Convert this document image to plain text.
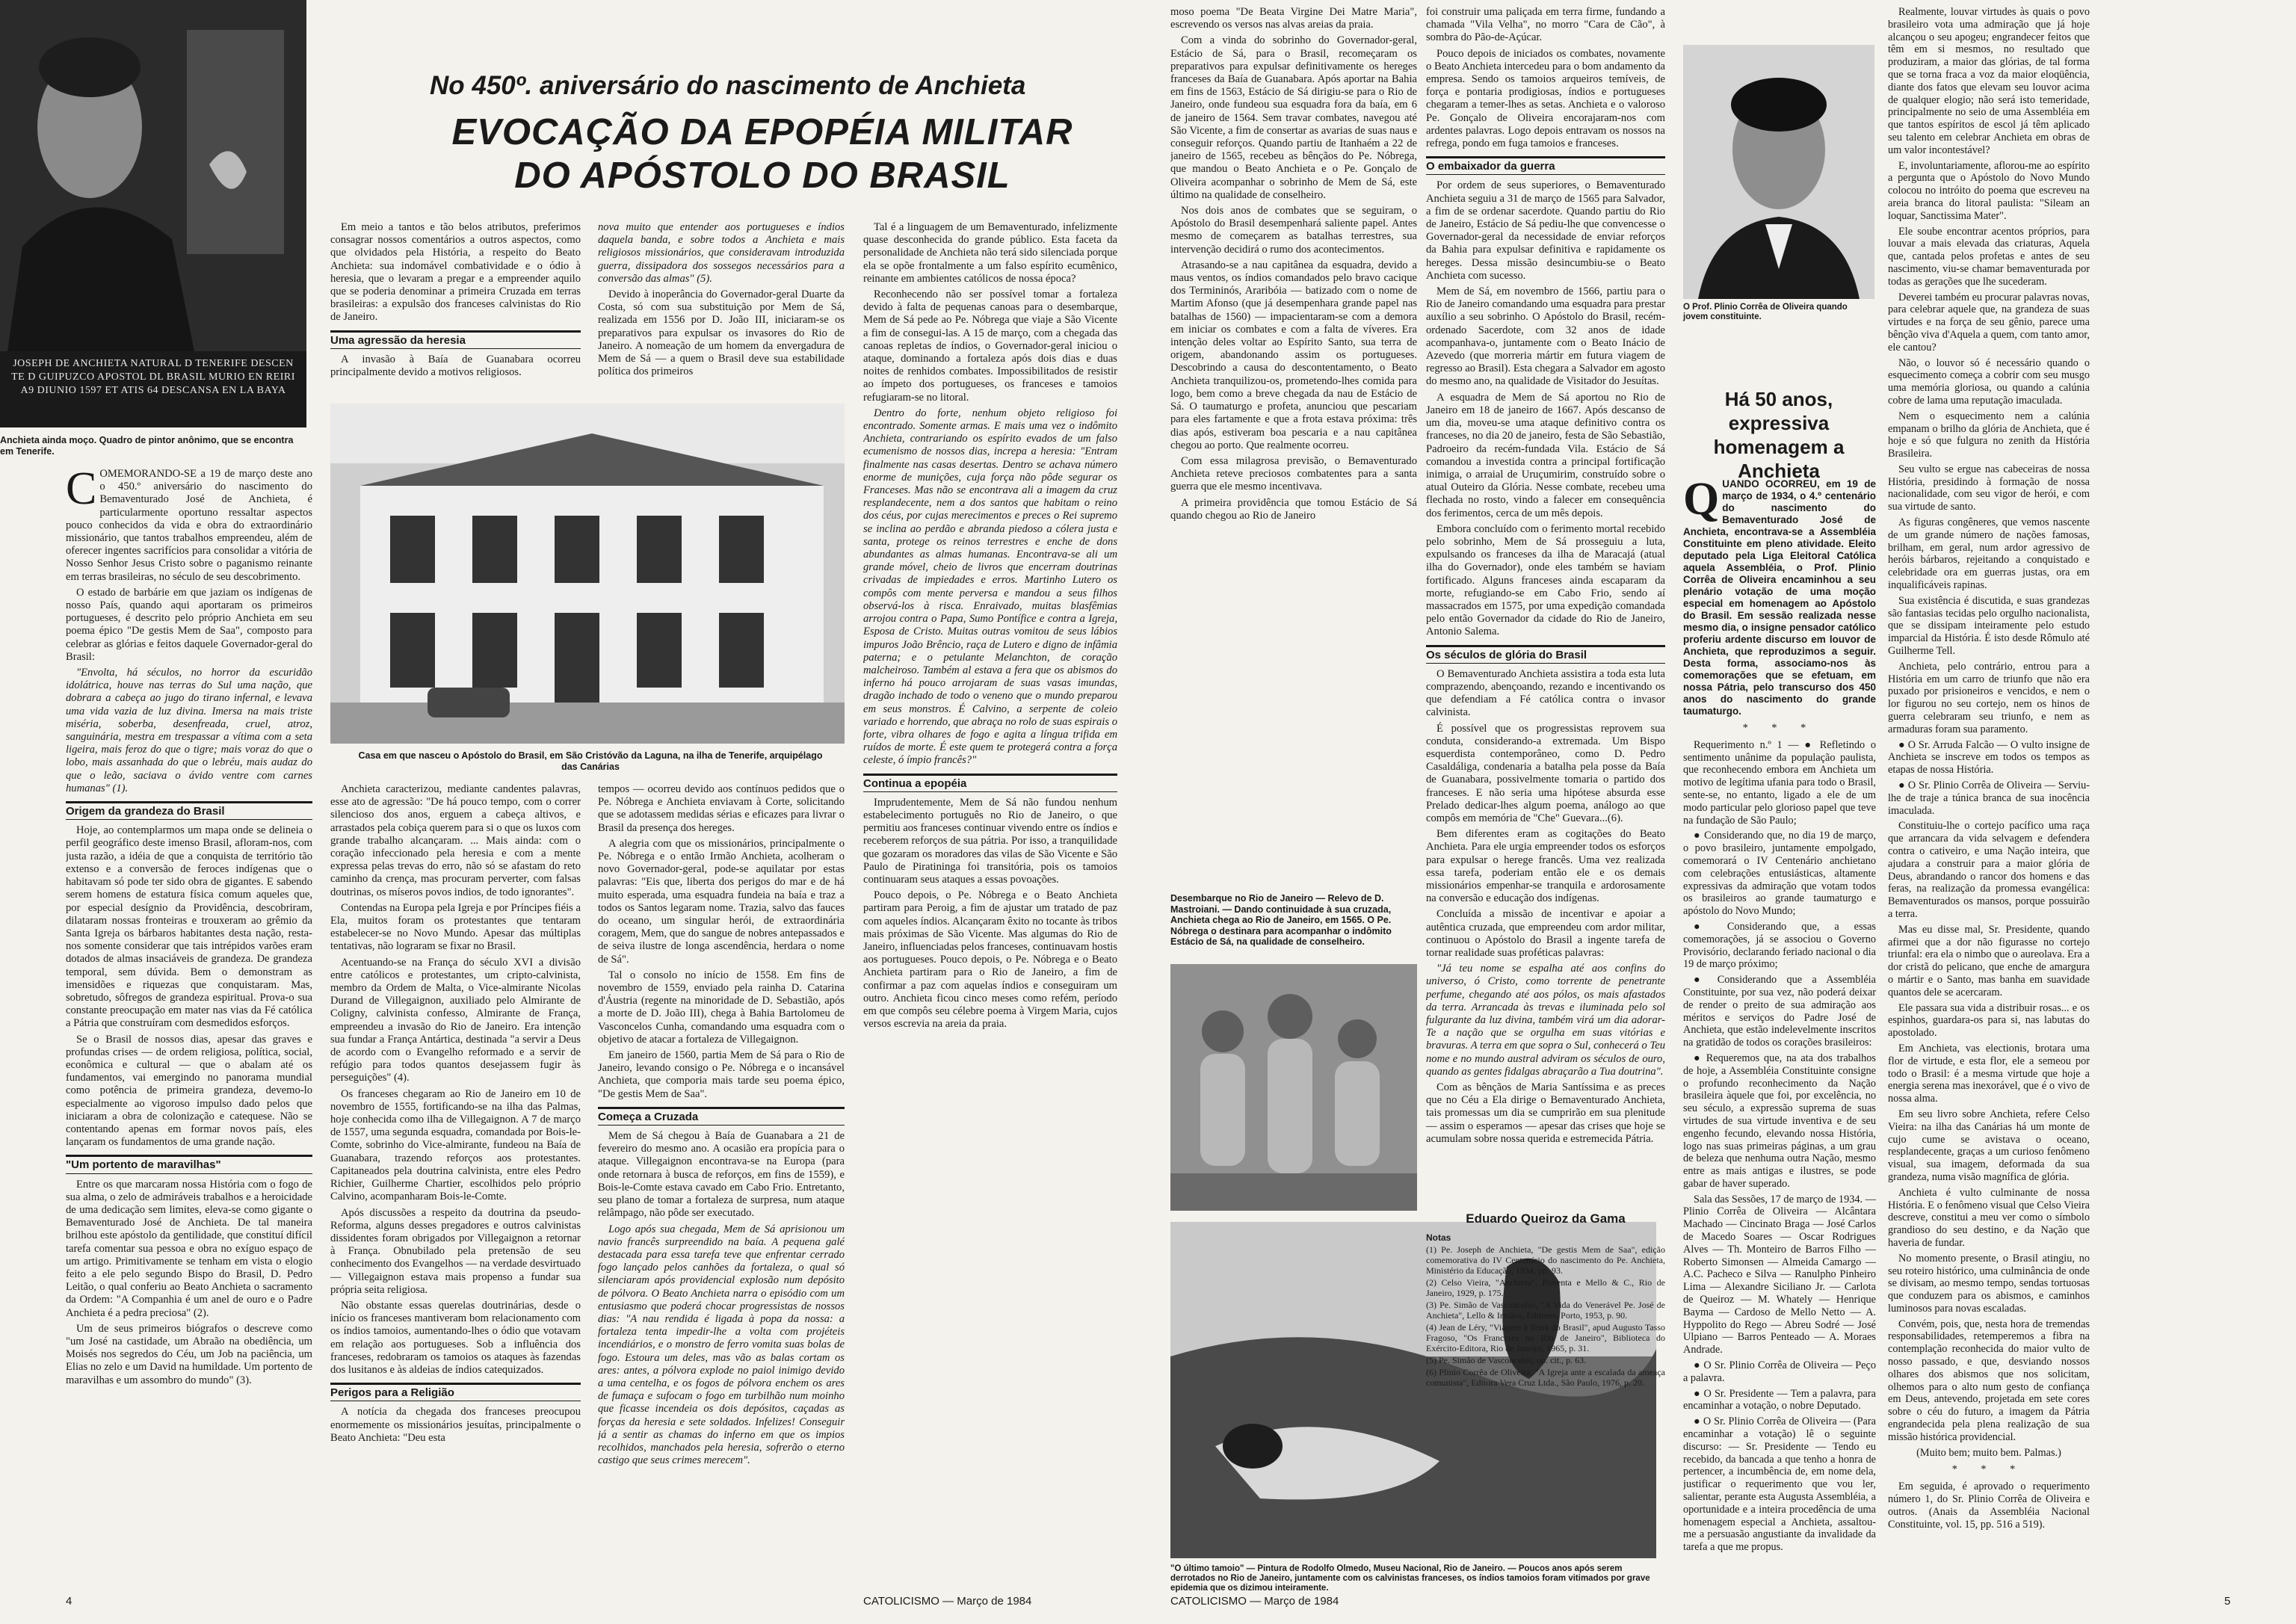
JOSEPH DE ANCHIETA NATURAL D TENERIFE DESCEN TE D GUIPUZCO APOSTOL DL BRASIL MURIO EN REIRI A9 DIUNIO 1597 ET ATIS 64 DESCANSA EN LA BAYA
Anchieta ainda moço. Quadro de pintor anônimo, que se encontra em Tenerife.
No 450º. aniversário do nascimento de Anchieta
EVOCAÇÃO DA EPOPÉIA MILITAR
DO APÓSTOLO DO BRASIL

COMEMORANDO-SE a 19 de março deste ano o 450.º aniversário do nascimento do Bemaventurado José de Anchieta, é particularmente oportuno ressaltar aspectos pouco conhecidos da vida e obra do extraordinário missionário, que tantos trabalhos empreendeu, além de oferecer ingentes sacrifícios para consolidar a vitória de Nosso Senhor Jesus Cristo sobre o paganismo reinante em terras brasileiras, no século de seu descobrimento.

O estado de barbárie em que jaziam os indígenas de nosso País, quando aqui aportaram os primeiros portugueses, é descrito pelo próprio Anchieta em seu poema épico "De gestis Mem de Saa", composto para celebrar as glórias e feitos daquele Governador-geral do Brasil:

"Envolta, há séculos, no horror da escuridão idolátrica, houve nas terras do Sul uma nação, que dobrara a cabeça ao jugo do tirano infernal, e levava uma vida vazia de luz divina. Imersa na mais triste miséria, soberba, desenfreada, cruel, atroz, sanguinária, mestra em trespassar a vítima com a seta ligeira, mais feroz do que o tigre; mais voraz do que o lobo, mais assanhada do que o lebréu, mais audaz do que o leão, saciava o ávido ventre com carnes humanas" (1).

Origem da grandeza do Brasil

Hoje, ao contemplarmos um mapa onde se delineia o perfil geográfico deste imenso Brasil, afloram-nos, com justa razão, a idéia de que a conquista de território tão extenso e a conversão de feroces indígenas que o habitavam só pode ter sido obra de gigantes. E sabendo serem homens de estatura física comum aqueles que, por especial desígnio da Providência, descobriram, dilataram nossas fronteiras e trouxeram ao grêmio da Santa Igreja os bárbaros habitantes desta nação, resta-nos somente considerar que tais intrépidos varões eram dotados de almas insaciáveis de grandeza. De grandeza temporal, sem dúvida. Bem o demonstram as imensidões e riquezas que conquistaram. Mas, sobretudo, sôfregos de grandeza espiritual. Prova-o sua constante preocupação em mater nas vias da Fé católica a Pátria que construíram com desmedidos esforços.

Se o Brasil de nossos dias, apesar das graves e profundas crises — de ordem religiosa, política, social, econômica e cultural — que o abalam até os fundamentos, vai emergindo no panorama mundial como potência de primeira grandeza, devemo-lo especialmente ao vigoroso impulso dado pelos que iniciaram a obra de colonização e catequese. Não se contentando apenas em formar novos país, eles lançaram os fundamentos de uma grande nação.

"Um portento de maravilhas"

Entre os que marcaram nossa História com o fogo de sua alma, o zelo de admiráveis trabalhos e a heroicidade de uma dedicação sem limites, eleva-se como gigante o Bemaventurado José de Anchieta. De tal maneira brilhou este apóstolo da gentilidade, que constituí difícil tarefa comentar sua pessoa e obra no exíguo espaço de um artigo. Primitivamente se tenham em vista o elogio feito a ele pelo segundo Bispo do Brasil, D. Pedro Leitão, o qual conferiu ao Beato Anchieta o sacramento da Ordem: "A Companhia é um anel de ouro e o Padre Anchieta é a pedra preciosa" (2).

Um de seus primeiros biógrafos o descreve como "um José na castidade, um Abraão na obediência, um Moisés nos segredos do Céu, um Job na paciência, um Elias no zelo e um David na humildade. Um portento de maravilhas e um assombro do mundo" (3).

Em meio a tantos e tão belos atributos, preferimos consagrar nossos comentários a outros aspectos, como que olvidados pela História, a respeito do Beato Anchieta: sua indomável combatividade e o ódio à heresia, que o levaram a pregar e a empreender aquilo que se poderia denominar a primeira Cruzada em terras brasileiras: a expulsão dos franceses calvinistas do Rio de Janeiro.

Uma agressão da heresia

A invasão à Baía de Guanabara ocorreu principalmente devido a motivos religiosos.

nova muito que entender aos portugueses e índios daquela banda, e sobre todos a Anchieta e mais religiosos missionários, que consideravam introduzida guerra, dissipadora dos sossegos necessários para a conversão das almas" (5).

Devido à inoperância do Governador-geral Duarte da Costa, só com sua substituição por Mem de Sá, realizada em 1556 por D. João III, iniciaram-se os preparativos para expulsar os invasores do Rio de Janeiro. A nomeação de um homem da envergadura de Mem de Sá — a quem o Brasil deve sua estabilidade política dos primeiros

Casa em que nasceu o Apóstolo do Brasil, em São Cristóvão da Laguna, na ilha de Tenerife, arquipélago das Canárias

Anchieta caracterizou, mediante candentes palavras, esse ato de agressão: "De há pouco tempo, com o correr silencioso dos anos, erguem a cabeça altivos, e arrastados pela cobiça querem para si o que os luxos com grande trabalho alcançaram. ... Mais ainda: com o coração infeccionado pela heresia e com a mente expressa pelas trevas do erro, não só se afastam do reto caminho da crença, mas procuram perverter, com falsas doutrinas, os míseros povos indios, de todo ignorantes".

Contendas na Europa pela Igreja e por Príncipes fiéis a Ela, muitos foram os protestantes que tentaram estabelecer-se no Novo Mundo. Apesar das múltiplas tentativas, não lograram se fixar no Brasil.

Acentuando-se na França do século XVI a divisão entre católicos e protestantes, um cripto-calvinista, membro da Ordem de Malta, o Vice-almirante Nicolas Durand de Villegaignon, auxiliado pelo Almirante de Coligny, calvinista confesso, Almirante de França, empreendeu a invasão do Rio de Janeiro. Era intenção sua fundar a França Antártica, destinada "a servir a Deus de acordo com o Evangelho reformado e a servir de refúgio para todos quantos desejassem fugir às perseguições" (4).

Os franceses chegaram ao Rio de Janeiro em 10 de novembro de 1555, fortificando-se na ilha das Palmas, hoje conhecida como ilha de Villegaignon. A 7 de março de 1557, uma segunda esquadra, comandada por Bois-le-Comte, sobrinho do Vice-almirante, fundeou na Baía de Guanabara, trazendo reforços aos protestantes. Capitaneados pela doutrina calvinista, entre eles Pedro Richier, Guilherme Chartier, escolhidos pelo próprio Calvino, acompanharam Bois-le-Comte.

Após discussões a respeito da doutrina da pseudo-Reforma, alguns desses pregadores e outros calvinistas dissidentes foram obrigados por Villegaignon a retornar à França. Obnubilado pela pretensão de seu conhecimento dos Evangelhos — na verdade desvirtuado — Villegaignon estava mais propenso a fundar sua própria seita religiosa.

Não obstante essas querelas doutrinárias, desde o início os franceses mantiveram bom relacionamento com os índios tamoios, aumentando-lhes o ódio que votavam em relação aos portugueses. Sob a influência dos franceses, redobraram os tamoios os ataques às fazendas dos lusitanos e às aldeias de índios catequizados.

Perigos para a Religião

A notícia da chegada dos franceses preocupou enormemente os missionários jesuítas, principalmente o Beato Anchieta: "Deu esta

tempos — ocorreu devido aos contínuos pedidos que o Pe. Nóbrega e Anchieta enviavam à Corte, solicitando que se adotassem medidas sérias e eficazes para livrar o Brasil da presença dos hereges.

A alegria com que os missionários, principalmente o Pe. Nóbrega e o então Irmão Anchieta, acolheram o novo Governador-geral, pode-se aquilatar por estas palavras: "Eis que, liberta dos perigos do mar e de há muito esperada, uma esquadra fundeia na baía e traz a todos os Santos legaram nome. Trazia, salvo das fauces do oceano, um singular herói, de extraordinária coragem, Mem, que do sangue de nobres antepassados e de seiva ilustre de longa ascendência, herdara o nome de Sá".

Tal o consolo no início de 1558. Em fins de novembro de 1559, enviado pela rainha D. Catarina d'Áustria (regente na minoridade de D. Sebastião, após a morte de D. João III), chega à Bahia Bartolomeu de Vasconcelos Cunha, comandando uma esquadra com o objetivo de atacar a fortaleza de Villegaignon.

Em janeiro de 1560, partia Mem de Sá para o Rio de Janeiro, levando consigo o Pe. Nóbrega e o incansável Anchieta, que comporia mais tarde seu poema épico, "De gestis Mem de Saa".

Começa a Cruzada

Mem de Sá chegou à Baía de Guanabara a 21 de fevereiro do mesmo ano. A ocasião era propícia para o ataque. Villegaignon encontrava-se na Europa (para onde retornara à busca de reforços, em fins de 1559), e Bois-le-Comte estava cavado em Cabo Frio. Entretanto, seu plano de tomar a fortaleza de surpresa, num ataque relâmpago, não pôde ser executado.

Logo após sua chegada, Mem de Sá aprisionou um navio francês surpreendido na baía. A pequena galé destacada para essa tarefa teve que enfrentar cerrado fogo lançado pelos canhões da fortaleza, o qual só silenciaram após providencial explosão num depósito de pólvora. O Beato Anchieta narra o episódio com um entusiasmo que poderá chocar progressistas de nossos dias: "A nau rendida é ligada à popa da nossa: a fortaleza tenta impedir-lhe a volta com projéteis incendiários, e o monstro de ferro vomita suas bolas de fogo. Estoura um deles, mas vão as balas cortam os ares: antes, a pólvora explode no paiol inimigo devido a uma centelha, e os fogos de pólvora enchem os ares de fumaça e sufocam o fogo em turbilhão num moinho que ficasse incendeia os dois depósitos, caçadas as forças da heresia e sete soldados. Infelizes! Conseguir já a sentir as chamas do inferno em que os impios recolhidos, manchados pela heresia, sofrerão o eterno castigo que seus crimes merecem".

Tal é a linguagem de um Bemaventurado, infelizmente quase desconhecida do grande público. Esta faceta da personalidade de Anchieta não terá sido silenciada porque ela se opõe frontalmente a um falso espírito ecumênico, reinante em ambientes católicos de nossa época?

Reconhecendo não ser possível tomar a fortaleza devido à falta de pequenas canoas para o desembarque, Mem de Sá pede ao Pe. Nóbrega que viaje a São Vicente a fim de consegui-las. A 15 de março, com a chegada das canoas repletas de índios, o Governador-geral iniciou o ataque, dominando a fortaleza após dois dias e duas noites de renhidos combates. Impossibilitados de resistir ao ímpeto dos portugueses, os franceses e tamoios refugiaram-se no litoral.

Dentro do forte, nenhum objeto religioso foi encontrado. Somente armas. E mais uma vez o indômito Anchieta, contrariando os espírito evados de um falso ecumenismo de nossos dias, increpa a heresia: "Entram finalmente nas casas desertas. Dentro se achava número enorme de munições, cuja força não pôde segurar os Franceses. Mas não se encontrava ali a imagem da cruz resplandecente, nem a dos santos que habitam o reino dos céus, por cujas merecimentos e preces o Rei supremo se inclina ao perdão e abranda piedoso a cólera justa e santa, protege os reinos terrestres e enche de dons abundantes as almas humanas. Encontrava-se ali um grande móvel, cheio de livros que encerram doutrinas crivadas de impiedades e erros. Martinho Lutero os compôs com mente perversa e mandou a seus filhos observá-los à risca. Enraivado, muitas blasfêmias arrojou contra o Papa, Sumo Pontífice e contra a Igreja, Esposa de Cristo. Muitas outras vomitou de seus lábios impuros João Brêncio, raça de Lutero e digno de infâmia paterna; e o petulante Melanchton, de coração malcheiroso. Também al estava a fera que os abismos do inferno há pouco arrojaram de suas vasas imundas, dragão inchado de todo o veneno que o mundo preparou em seus monstros. É Calvino, a serpente de coleio variado e horrendo, que abraça no rolo de suas espirais o forte, vibra olhares de fogo e agita a língua trifida em ruídos de morte. É este quem te protegerá contra a força celeste, ó ímpio francês?"

Continua a epopéia

Imprudentemente, Mem de Sá não fundou nenhum estabelecimento português no Rio de Janeiro, o que permitiu aos franceses continuar vivendo entre os índios e receberem reforços de sua pátria. Por isso, a tranquilidade que gozaram os moradores das vilas de São Vicente e São Paulo de Piratininga foi transitória, pois os tamoios continuaram seus ataques a essas povoações.

Pouco depois, o Pe. Nóbrega e o Beato Anchieta partiram para Peroig, a fim de ajustar um tratado de paz com aqueles índios. Alcançaram êxito no tocante às tribos mais próximas de São Vicente. Mas algumas do Rio de Janeiro, influenciadas pelos franceses, continuavam hostis aos portugueses. Pouco depois, o Pe. Nóbrega e o Beato Anchieta partiram para o Rio de Janeiro, a fim de confirmar a paz com aquelas índios e conseguiram um outro. Anchieta ficou cinco meses como refém, período em que compôs seu célebre poema à Virgem Maria, cujos versos escrevia na areia da praia.

4	CATOLICISMO — Março de 1984

moso poema "De Beata Virgine Dei Matre Maria", escrevendo os versos nas alvas areias da praia.

Com a vinda do sobrinho do Governador-geral, Estácio de Sá, para o Brasil, recomeçaram os preparativos para expulsar definitivamente os hereges franceses da Baía de Guanabara. Após aportar na Bahia em fins de 1563, Estácio de Sá dirigiu-se para o Rio de Janeiro, onde fundeou sua esquadra fora da baía, em 6 de janeiro de 1564. Sem travar combates, navegou até São Vicente, a fim de consertar as avarias de suas naus e conseguir reforços. Quando partiu de Itanhaém a 22 de janeiro de 1565, recebeu as bênçãos do Pe. Nóbrega, que mandou o Beato Anchieta e o Pe. Gonçalo de Oliveira acompanhar o sobrinho de Mem de Sá, este último na qualidade de conselheiro.

Nos dois anos de combates que se seguiram, o Apóstolo do Brasil desempenhará saliente papel. Antes mesmo de começarem as batalhas terrestres, sua intervenção decidirá o rumo dos acontecimentos.

Atrasando-se a nau capitânea da esquadra, devido a maus ventos, os índios comandados pelo bravo cacique dos Termininós, Araribóia — batizado com o nome de Martim Afonso (que já desempenhara grande papel nas batalhas de 1560) — impacientaram-se com a demora em iniciar os combates e com a falta de víveres. Era intenção deles voltar ao Espírito Santo, sua terra de origem, abandonando assim os portugueses. Descobrindo a causa do descontentamento, o Beato Anchieta tranquilizou-os, prometendo-lhes comida para logo, bem como a breve chegada da nau de Estácio de Sá. O taumaturgo e profeta, anunciou que pescariam para eles fartamente e que a frota estava próxima: três dias após, estiveram boa pescaria e a nau capitânea chegou ao porto. Que realmente ocorreu.

Com essa milagrosa previsão, o Bemaventurado Anchieta reteve preciosos combatentes para a santa guerra que ele mesmo incentivava.

A primeira providência que tomou Estácio de Sá quando chegou ao Rio de Janeiro

Desembarque no Rio de Janeiro — Relevo de D. Mastroiani. — Dando continuidade à sua cruzada, Anchieta chega ao Rio de Janeiro, em 1565. O Pe. Nóbrega o destinara para acompanhar o indômito Estácio de Sá, na qualidade de conselheiro.
"O último tamoio" — Pintura de Rodolfo Olmedo, Museu Nacional, Rio de Janeiro. — Poucos anos após serem derrotados no Rio de Janeiro, juntamente com os calvinistas franceses, os índios tamoios foram vitimados por grave epidemia que os dizimou inteiramente.

foi construir uma paliçada em terra firme, fundando a chamada "Vila Velha", no morro "Cara de Cão", à sombra do Pão-de-Açúcar.

Pouco depois de iniciados os combates, novamente o Beato Anchieta intercedeu para o bom andamento da empresa. Sendo os tamoios arqueiros temíveis, de força e pontaria prodigiosas, índios e portugueses chegaram a temer-lhes as setas. Anchieta e o valoroso Pe. Gonçalo de Oliveira encorajaram-nos com ardentes palavras. Logo depois entravam os nossos na refrega, pondo em fuga tamoios e franceses.

O embaixador da guerra

Por ordem de seus superiores, o Bemaventurado Anchieta seguiu a 31 de março de 1565 para Salvador, a fim de se ordenar sacerdote. Quando partiu do Rio de Janeiro, Estácio de Sá pediu-lhe que convencesse o Governador-geral da necessidade de enviar reforços da Bahia para expulsar definitiva e rapidamente os hereges. Dessa missão desincumbiu-se o Beato Anchieta com sucesso.

Mem de Sá, em novembro de 1566, partiu para o Rio de Janeiro comandando uma esquadra para prestar auxílio a seu sobrinho. O Apóstolo do Brasil, recém-ordenado Sacerdote, com 32 anos de idade acompanhava-o, juntamente com o Beato Inácio de Azevedo (que morreria mártir em futura viagem de regresso ao Brasil). Esta chegara a Salvador em agosto do mesmo ano, na qualidade de Visitador do Jesuítas.

A esquadra de Mem de Sá aportou no Rio de Janeiro em 18 de janeiro de 1667. Após descanso de um dia, moveu-se uma ataque definitivo contra os franceses, no dia 20 de janeiro, festa de São Sebastião, Padroeiro da recém-fundada Vila. Estácio de Sá comandou a investida contra a principal fortificação inimiga, o arraial de Uruçumirim, construído sobre o atual Outeiro da Glória. Nesse combate, recebeu uma flechada no rosto, vindo a falecer em consequência dos ferimentos, cerca de um mês depois.

Embora concluído com o ferimento mortal recebido pelo sobrinho, Mem de Sá prosseguiu a luta, expulsando os franceses da ilha de Maracajá (atual ilha do Governador), onde eles também se haviam fortificado. Alguns franceses ainda escaparam da morte, refugiando-se em Cabo Frio, sendo aí massacrados em 1575, por uma expedição comandada pelo então Governador da cidade do Rio de Janeiro, Antonio Salema.

Os séculos de glória do Brasil

O Bemaventurado Anchieta assistira a toda esta luta comprazendo, abençoando, rezando e incentivando os que defendiam a Fé católica contra o invasor calvinista.

É possível que os progressistas reprovem sua conduta, considerando-a extremada. Um Bispo esquerdista contemporâneo, como D. Pedro Casaldáliga, condenaria a batalha pela posse da Baía de Guanabara, possivelmente tomaria o partido dos franceses. E não seria uma hipótese absurda esse Prelado dedicar-lhes algum poema, análogo ao que compôs em memória de "Che" Guevara...(6).

Bem diferentes eram as cogitações do Beato Anchieta. Para ele urgia empreender todos os esforços para expulsar o herege francês. Uma vez realizada essa tarefa, poderiam então ele e os demais missionários empenhar-se tranquila e ardorosamente na conversão e educação dos indígenas.

Concluída a missão de incentivar e apoiar a autêntica cruzada, que empreendeu com ardor militar, continuou o Apóstolo do Brasil a ingente tarefa de tornar realidade suas proféticas palavras:

"Já teu nome se espalha até aos confins do universo, ó Cristo, como torrente de penetrante perfume, chegando até aos pólos, os mais afastados da terra. Arrancada às trevas e iluminada pelo sol fulgurante da luz divina, também virá um dia adorar-Te a nação que se orgulha em suas vitórias e bravuras. A terra em que sopra o Sul, conhecerá o Teu nome e no mundo austral adviram os séculos de ouro, quando as gentes fidalgas abraçarão a Tua doutrina".

Com as bênçãos de Maria Santíssima e as preces que no Céu a Ela dirige o Bemaventurado Anchieta, tais promessas um dia se cumprirão em sua plenitude — assim o esperamos — apesar das crises que hoje se acumulam sobre nossa querida e estremecida Pátria.

O Prof. Plinio Corrêa de Oliveira quando jovem constituinte.
Há 50 anos, expressiva homenagem a Anchieta

QUANDO OCORREU, em 19 de março de 1934, o 4.º centenário do nascimento do Bemaventurado José de Anchieta, encontrava-se a Assembléia Constituinte em pleno atividade. Eleito deputado pela Liga Eleitoral Católica aquela Assembléia, o Prof. Plinio Corrêa de Oliveira encaminhou a seu plenário votação de uma moção especial em homenagem ao Apóstolo do Brasil. Em sessão realizada nesse mesmo dia, o insigne pensador católico proferiu ardente discurso em louvor de Anchieta, que reproduzimos a seguir. Desta forma, associamo-nos às comemorações que se efetuam, em nossa Pátria, pelo transcurso dos 450 anos do nascimento do grande taumaturgo.

* * *

Requerimento n.º 1 — ● Refletindo o sentimento unânime da população paulista, que reconhecendo embora em Anchieta um motivo de legítima ufania para todo o Brasil, sente-se, no entanto, ligado a ele de um modo particular pelo glorioso papel que teve na fundação de São Paulo;

● Considerando que, no dia 19 de março, o povo brasileiro, juntamente empolgado, comemorará o IV Centenário anchietano com celebrações entusiásticas, altamente expressivas da admiração que votam todos os brasileiros ao grande taumaturgo e apóstolo do Novo Mundo;

● Considerando que, a essas comemorações, já se associou o Governo Provisório, declarando feriado nacional o dia 19 de março próximo;

● Considerando que a Assembléia Constituinte, por sua vez, não poderá deixar de render o preito de sua admiração aos méritos e serviços do Padre José de Anchieta, que estão indelevelmente inscritos na gratidão de todos os corações brasileiros:

● Requeremos que, na ata dos trabalhos de hoje, a Assembléia Constituinte consigne o profundo reconhecimento da Nação brasileira àquele que foi, por excelência, no seu século, a expressão suprema de suas virtudes de sua virtude inventiva e de seu engenho fecundo, elevando nossa História, logo nas suas primeiras páginas, a um grau de beleza que nenhuma outra Nação, mesmo entre as mais antigas e ilustres, se pode gabar de haver superado.

Sala das Sessões, 17 de março de 1934. — Plinio Corrêa de Oliveira — Alcântara Machado — Cincinato Braga — José Carlos de Macedo Soares — Oscar Rodrigues Alves — Th. Monteiro de Barros Filho — Roberto Simonsen — Almeida Camargo — A.C. Pacheco e Silva — Ranulpho Pinheiro Lima — Alexandre Siciliano Jr. — Carlota de Queiroz — M. Whately — Henrique Bayma — Cardoso de Mello Netto — A. Hyppolito do Rego — Abreu Sodré — José Ulpiano — Barros Penteado — A. Moraes Andrade.

● O Sr. Plinio Corrêa de Oliveira — Peço a palavra.

● O Sr. Presidente — Tem a palavra, para encaminhar a votação, o nobre Deputado.

● O Sr. Plinio Corrêa de Oliveira — (Para encaminhar a votação) lê o seguinte discurso: — Sr. Presidente — Tendo eu recebido, da bancada a que tenho a honra de pertencer, a incumbência de, em nome dela, justificar o requerimento que vou ler, salientar, perante esta Augusta Assembléia, a oportunidade e a inteira procedência de uma homenagem especial a Anchieta, assaltou-me a persuasão angustiante da invalidade da tarefa a que me propus.

Realmente, louvar virtudes às quais o povo brasileiro vota uma admiração que já hoje alcançou o seu apogeu; engrandecer feitos que têm em si mesmos, no resultado que produziram, a maior das glórias, de tal forma que se torna fraca a voz da maior eloqüência, diante dos fatos que elevam seu louvor acima de qualquer elogio; não será isto temeridade, principalmente no seio de uma Assembléia em que tantos espíritos de escol já têm aplicado seu talento em celebrar Anchieta em obras de um valor incontestável?

E, involuntariamente, aflorou-me ao espírito a pergunta que o Apóstolo do Novo Mundo colocou no intróito do poema que escreveu na areia branca do litoral paulista: "Sileam an loquar, Sanctissima Mater".

Ele soube encontrar acentos próprios, para louvar a mais elevada das criaturas, Aquela que, cantada pelos profetas e antes de seu nascimento, viu-se chamar bemaventurada por todas as gerações que lhe sucederam.

Deverei também eu procurar palavras novas, para celebrar aquele que, na grandeza de suas virtudes e na força de seu gênio, parece uma bênção viva d'Aquela a quem, com tanto amor, ele cantou?

Não, o louvor só é necessário quando o esquecimento começa a cobrir com seu musgo uma memória gloriosa, ou quando a calúnia cobre de lama uma reputação imaculada.

Nem o esquecimento nem a calúnia empanam o brilho da glória de Anchieta, que é hoje e só que fulgura no zenith da História Brasileira.

Seu vulto se ergue nas cabeceiras de nossa História, presidindo à formação de nossa nacionalidade, com seu vigor de herói, e com sua virtude de santo.

As figuras congêneres, que vemos nascente de um grande número de nações famosas, brilham, em geral, num ardor agressivo de heróis bárbaros, rejeitando a conquistado e celebridade ora em guerras justas, ora em inqualificáveis rapinas.

Sua existência é discutida, e suas grandezas são fantasias tecidas pelo orgulho nacionalista, que se dissipam inteiramente pelo estudo imparcial da História. É isto desde Rômulo até Guilherme Tell.

Anchieta, pelo contrário, entrou para a História em um carro de triunfo que não era puxado por prisioneiros e vencidos, e nem o lor figurou no seu cortejo, nem os hinos de guerra celebraram seu triunfo, e nem as armaduras foram sua paramento.

● O Sr. Arruda Falcão — O vulto insigne de Anchieta se inscreve em todos os tempos as etapas de nossa História.

● O Sr. Plinio Corrêa de Oliveira — Serviu-lhe de traje a túnica branca de sua inocência imaculada.

Constituiu-lhe o cortejo pacífico uma raça que arrancara da vida selvagem e defendera contra o cativeiro, e uma Nação inteira, que ajudara a construir para a maior glória de Deus, abrandando o rancor dos homens e das feras, na realização da promessa evangélica: Bemaventurados os mansos, porque possuirão a terra.

Mas eu disse mal, Sr. Presidente, quando afirmei que a dor não figurasse no cortejo triunfal: era ela o nimbo que o aureolava. Era a dor cristã do pelicano, que enche de amargura o mártir e o Santo, mas banha em suavidade quantos dele se acercaram.

Ele passara sua vida a distribuir rosas... e os espinhos, guardara-os para si, nas labutas do apostolado.

Em Anchieta, vas electionis, brotara uma flor de virtude, e esta flor, ele a semeou por todo o Brasil: é a mesma virtude que hoje a energia serena mas inexorável, que é o vivo de nossa alma.

Em seu livro sobre Anchieta, refere Celso Vieira: na ilha das Canárias há um monte de cujo cume se avistava o oceano, resplandecente, graças a um curioso fenômeno visual, sua imagem, deformada da sua grandeza, numa visão magnífica de glória.

Anchieta é vulto culminante de nossa História. E o fenômeno visual que Celso Vieira descreve, constitui a meu ver como o símbolo grandioso do seu destino, e da Nação que haveria de fundar.

No momento presente, o Brasil atingiu, no seu roteiro histórico, uma culminância de onde se divisam, ao mesmo tempo, sendas tortuosas que conduzem para os abismos, e caminhos luminosos para novas escaladas.

Convém, pois, que, nesta hora de tremendas responsabilidades, retemperemos a fibra na contemplação reconhecida do maior vulto de nosso passado, e que, desviando nossos olhares dos abismos que nos solicitam, olhemos para o alto num gesto de confiança em Deus, antevendo, projetada em sete cores sobre o céu do futuro, a imagem da Pátria engrandecida pela plena realização de sua missão histórica providencial.

(Muito bem; muito bem. Palmas.)

* * *

Em seguida, é aprovado o requerimento número 1, do Sr. Plinio Corrêa de Oliveira e outros. (Anais da Assembléia Nacional Constituinte, vol. 15, pp. 516 a 519).

CATOLICISMO — Março de 1984	5
Eduardo Queiroz da Gama

Notas

(1) Pe. Joseph de Anchieta, "De gestis Mem de Saa", edição comemorativa do IV Centenário do nascimento do Pe. Anchieta, Ministério da Educação, 1934, pp. 93.

(2) Celso Vieira, "Anchieta", Pimenta e Mello & C., Rio de Janeiro, 1929, p. 175.

(3) Pe. Simão de Vasconcelos, "A Vida do Venerável Pe. José de Anchieta", Lello & Irmãos, Editores, Porto, 1953, p. 90.

(4) Jean de Léry, "Viagem à Terra do Brasil", apud Augusto Tasso Fragoso, "Os Franceses no Rio de Janeiro", Biblioteca do Exército-Editora, Rio de Janeiro, 1965, p. 31.

(5) Pe. Simão de Vasconcelos, op. cit., p. 63.

(6) Plinio Corrêa de Oliveira, "A Igreja ante a escalada da ameaça comunista", Editora Vera Cruz Ltda., São Paulo, 1976, p. 20.
